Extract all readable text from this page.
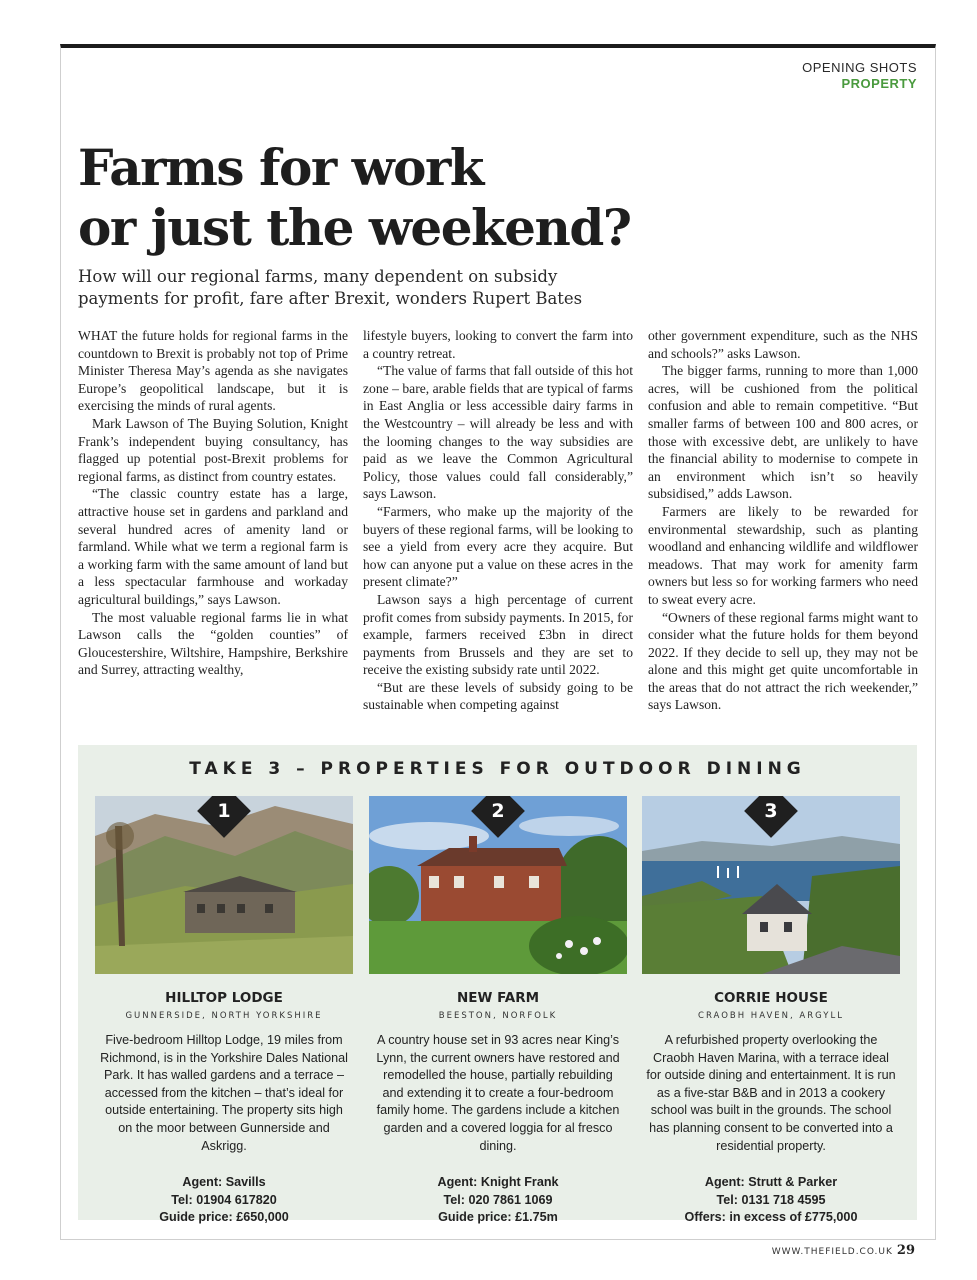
OPENING SHOTS
PROPERTY
Farms for work
or just the weekend?

How will our regional farms, many dependent on subsidy payments for profit, fare after Brexit, wonders Rupert Bates

WHAT the future holds for regional farms in the countdown to Brexit is probably not top of Prime Minister Theresa May’s agenda as she navigates Europe’s geopolitical landscape, but it is exercising the minds of rural agents.

Mark Lawson of The Buying Solution, Knight Frank’s independent buying consultancy, has flagged up potential post-Brexit problems for regional farms, as distinct from country estates.

“The classic country estate has a large, attractive house set in gardens and parkland and several hundred acres of amenity land or farmland. While what we term a regional farm is a working farm with the same amount of land but a less spectacular farmhouse and workaday agricultural buildings,” says Lawson.

The most valuable regional farms lie in what Lawson calls the “golden counties” of Gloucestershire, Wiltshire, Hampshire, Berkshire and Surrey, attracting wealthy,

lifestyle buyers, looking to convert the farm into a country retreat.

“The value of farms that fall outside of this hot zone – bare, arable fields that are typical of farms in East Anglia or less accessible dairy farms in the Westcountry – will already be less and with the looming changes to the way subsidies are paid as we leave the Common Agricultural Policy, those values could fall considerably,” says Lawson.

“Farmers, who make up the majority of the buyers of these regional farms, will be looking to see a yield from every acre they acquire. But how can anyone put a value on these acres in the present climate?”

Lawson says a high percentage of current profit comes from subsidy payments. In 2015, for example, farmers received £3bn in direct payments from Brussels and they are set to receive the existing subsidy rate until 2022.

“But are these levels of subsidy going to be sustainable when competing against

other government expenditure, such as the NHS and schools?” asks Lawson.

The bigger farms, running to more than 1,000 acres, will be cushioned from the political confusion and able to remain competitive. “But smaller farms of between 100 and 800 acres, or those with excessive debt, are unlikely to have the financial ability to modernise to compete in an environment which isn’t so heavily subsidised,” adds Lawson.

Farmers are likely to be rewarded for environmental stewardship, such as planting woodland and enhancing wildlife and wildflower meadows. That may work for amenity farm owners but less so for working farmers who need to sweat every acre.

“Owners of these regional farms might want to consider what the future holds for them beyond 2022. If they decide to sell up, they may not be alone and this might get quite uncomfortable in the areas that do not attract the rich weekender,” says Lawson.

TAKE 3 – PROPERTIES FOR OUTDOOR DINING
1
HILLTOP LODGE
GUNNERSIDE, NORTH YORKSHIRE
Five-bedroom Hilltop Lodge, 19 miles from Richmond, is in the Yorkshire Dales National Park. It has walled gardens and a terrace – accessed from the kitchen – that’s ideal for outside entertaining. The property sits high on the moor between Gunnerside and Askrigg.
Agent: Savills
Tel: 01904 617820
Guide price: £650,000
2
NEW FARM
BEESTON, NORFOLK
A country house set in 93 acres near King’s Lynn, the current owners have restored and remodelled the house, partially rebuilding and extending it to create a four-bedroom family home. The gardens include a kitchen garden and a covered loggia for al fresco dining.
Agent: Knight Frank
Tel: 020 7861 1069
Guide price: £1.75m
3
CORRIE HOUSE
CRAOBH HAVEN, ARGYLL
A refurbished property overlooking the Craobh Haven Marina, with a terrace ideal for outside dining and entertainment. It is run as a five-star B&B and in 2013 a cookery school was built in the grounds. The school has planning consent to be converted into a residential property.
Agent: Strutt & Parker
Tel: 0131 718 4595
Offers: in excess of £775,000
WWW.THEFIELD.CO.UK 29
